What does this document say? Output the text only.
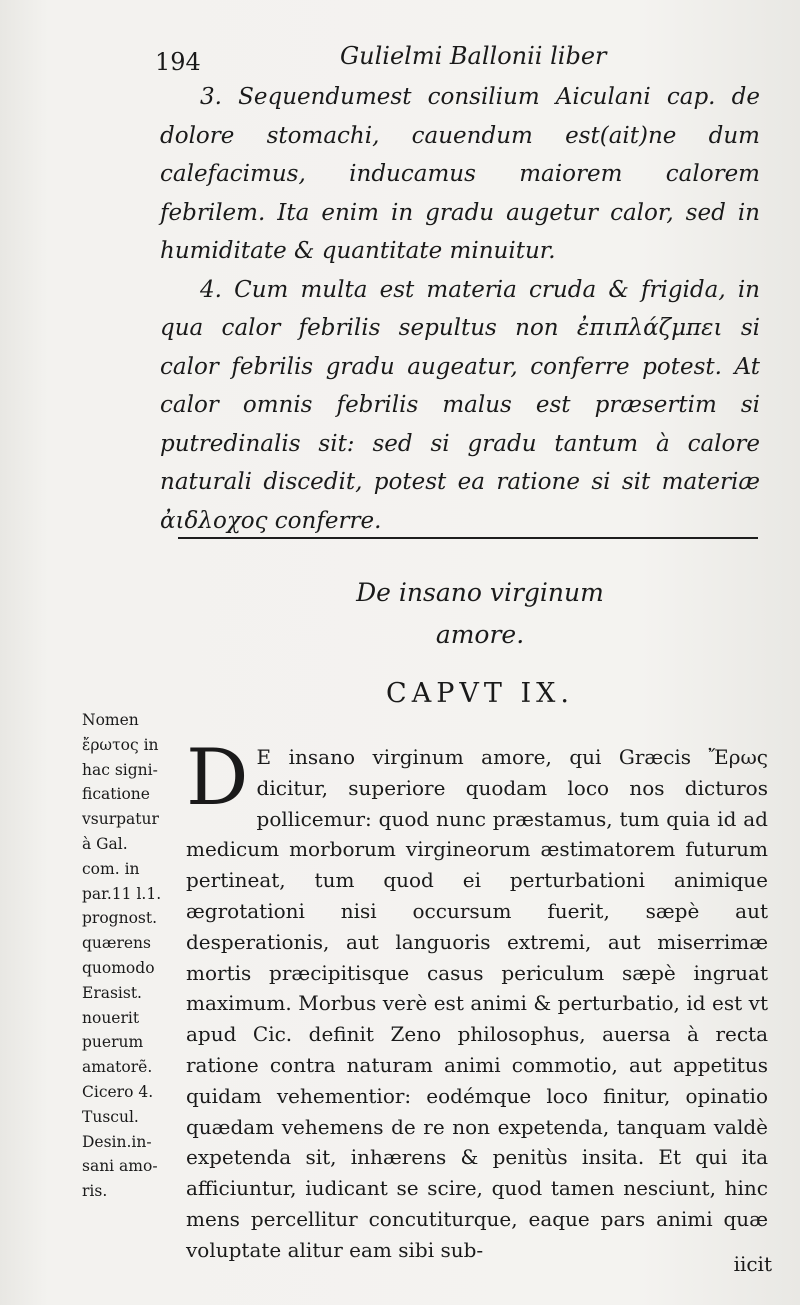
194	Gulielmi Ballonii liber

3. Sequendumest consilium Aiculani cap. de dolore stomachi, cauendum est(ait)ne dum calefacimus, inducamus maiorem calorem febrilem. Ita enim in gradu augetur calor, sed in humiditate & quantitate minuitur.

4. Cum multa est materia cruda & frigida, in qua calor febrilis sepultus non ἐπιπλάζμπει si calor febrilis gradu augeatur, conferre potest. At calor omnis febrilis malus est præsertim si putredinalis sit: sed si gradu tantum à calore naturali discedit, potest ea ratione si sit materiæ ἀιδλοχος conferre.

De insano virginum
amore.
CAPVT IX.

Nomen

ἔρωτος in

hac signi-

ficatione

vsurpatur

à Gal.

com. in

par.11 l.1.

prognost.

quærens

quomodo

Erasist.

nouerit

puerum

amatorẽ.

Cicero 4.

Tuscul.

Desin.in-

sani amo-

ris.

D E insano virginum amore, qui Græcis Ἔρως dicitur, superiore quodam loco nos dicturos pollicemur: quod nunc præstamus, tum quia id ad medicum morborum virgineorum æstimatorem futurum pertineat, tum quod ei perturbationi animique ægrotationi nisi occursum fuerit, sæpè aut desperationis, aut languoris extremi, aut miserrimæ mortis præcipitisque casus periculum sæpè ingruat maximum. Morbus verè est animi & perturbatio, id est vt apud Cic. definit Zeno philosophus, auersa à recta ratione contra naturam animi commotio, aut appetitus quidam vehementior: eodémque loco finitur, opinatio quædam vehemens de re non expetenda, tanquam valdè expetenda sit, inhærens & penitùs insita. Et qui ita afficiuntur, iudicant se scire, quod tamen nesciunt, hinc mens percellitur concutiturque, eaque pars animi quæ voluptate alitur eam sibi sub-

iicit
